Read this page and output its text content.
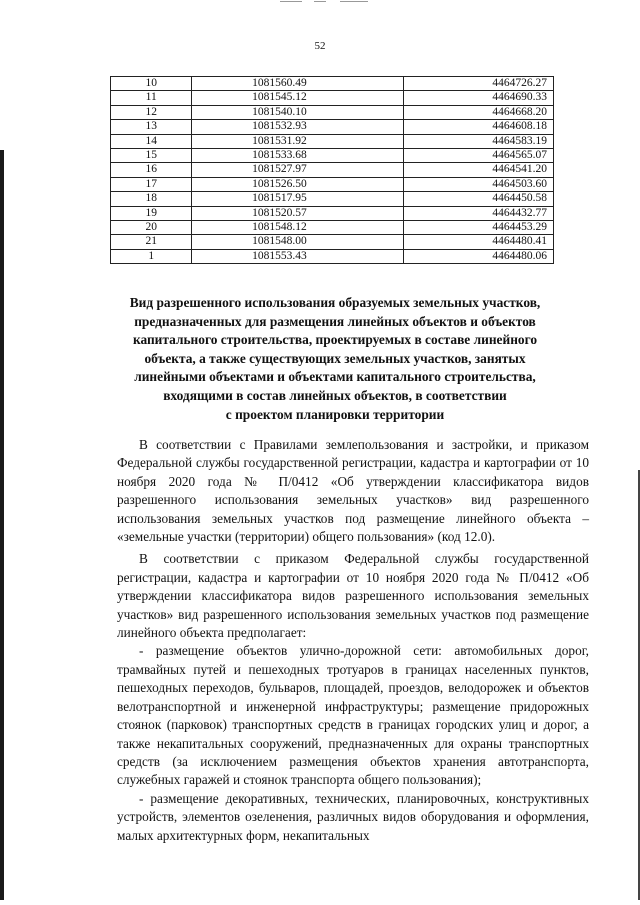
52
10	1081560.49	4464726.27
11	1081545.12	4464690.33
12	1081540.10	4464668.20
13	1081532.93	4464608.18
14	1081531.92	4464583.19
15	1081533.68	4464565.07
16	1081527.97	4464541.20
17	1081526.50	4464503.60
18	1081517.95	4464450.58
19	1081520.57	4464432.77
20	1081548.12	4464453.29
21	1081548.00	4464480.41
1	1081553.43	4464480.06
Вид разрешенного использования образуемых земельных участков,
предназначенных для размещения линейных объектов и объектов
капитального строительства, проектируемых в составе линейного
объекта, а также существующих земельных участков, занятых
линейными объектами и объектами капитального строительства,
входящими в состав линейных объектов, в соответствии
с проектом планировки территории

В соответствии с Правилами землепользования и застройки, и приказом Федеральной службы государственной регистрации, кадастра и картографии от 10 ноября 2020 года № П/0412 «Об утверждении классификатора видов разрешенного использования земельных участков» вид разрешенного использования земельных участков под размещение линейного объекта – «земельные участки (территории) общего пользования» (код 12.0).

В соответствии с приказом Федеральной службы государственной регистрации, кадастра и картографии от 10 ноября 2020 года № П/0412 «Об утверждении классификатора видов разрешенного использования земельных участков» вид разрешенного использования земельных участков под размещение линейного объекта предполагает:

- размещение объектов улично-дорожной сети: автомобильных дорог, трамвайных путей и пешеходных тротуаров в границах населенных пунктов, пешеходных переходов, бульваров, площадей, проездов, велодорожек и объектов велотранспортной и инженерной инфраструктуры; размещение придорожных стоянок (парковок) транспортных средств в границах городских улиц и дорог, а также некапитальных сооружений, предназначенных для охраны транспортных средств (за исключением размещения объектов хранения автотранспорта, служебных гаражей и стоянок транспорта общего пользования);

- размещение декоративных, технических, планировочных, конструктивных устройств, элементов озеленения, различных видов оборудования и оформления, малых архитектурных форм, некапитальных
